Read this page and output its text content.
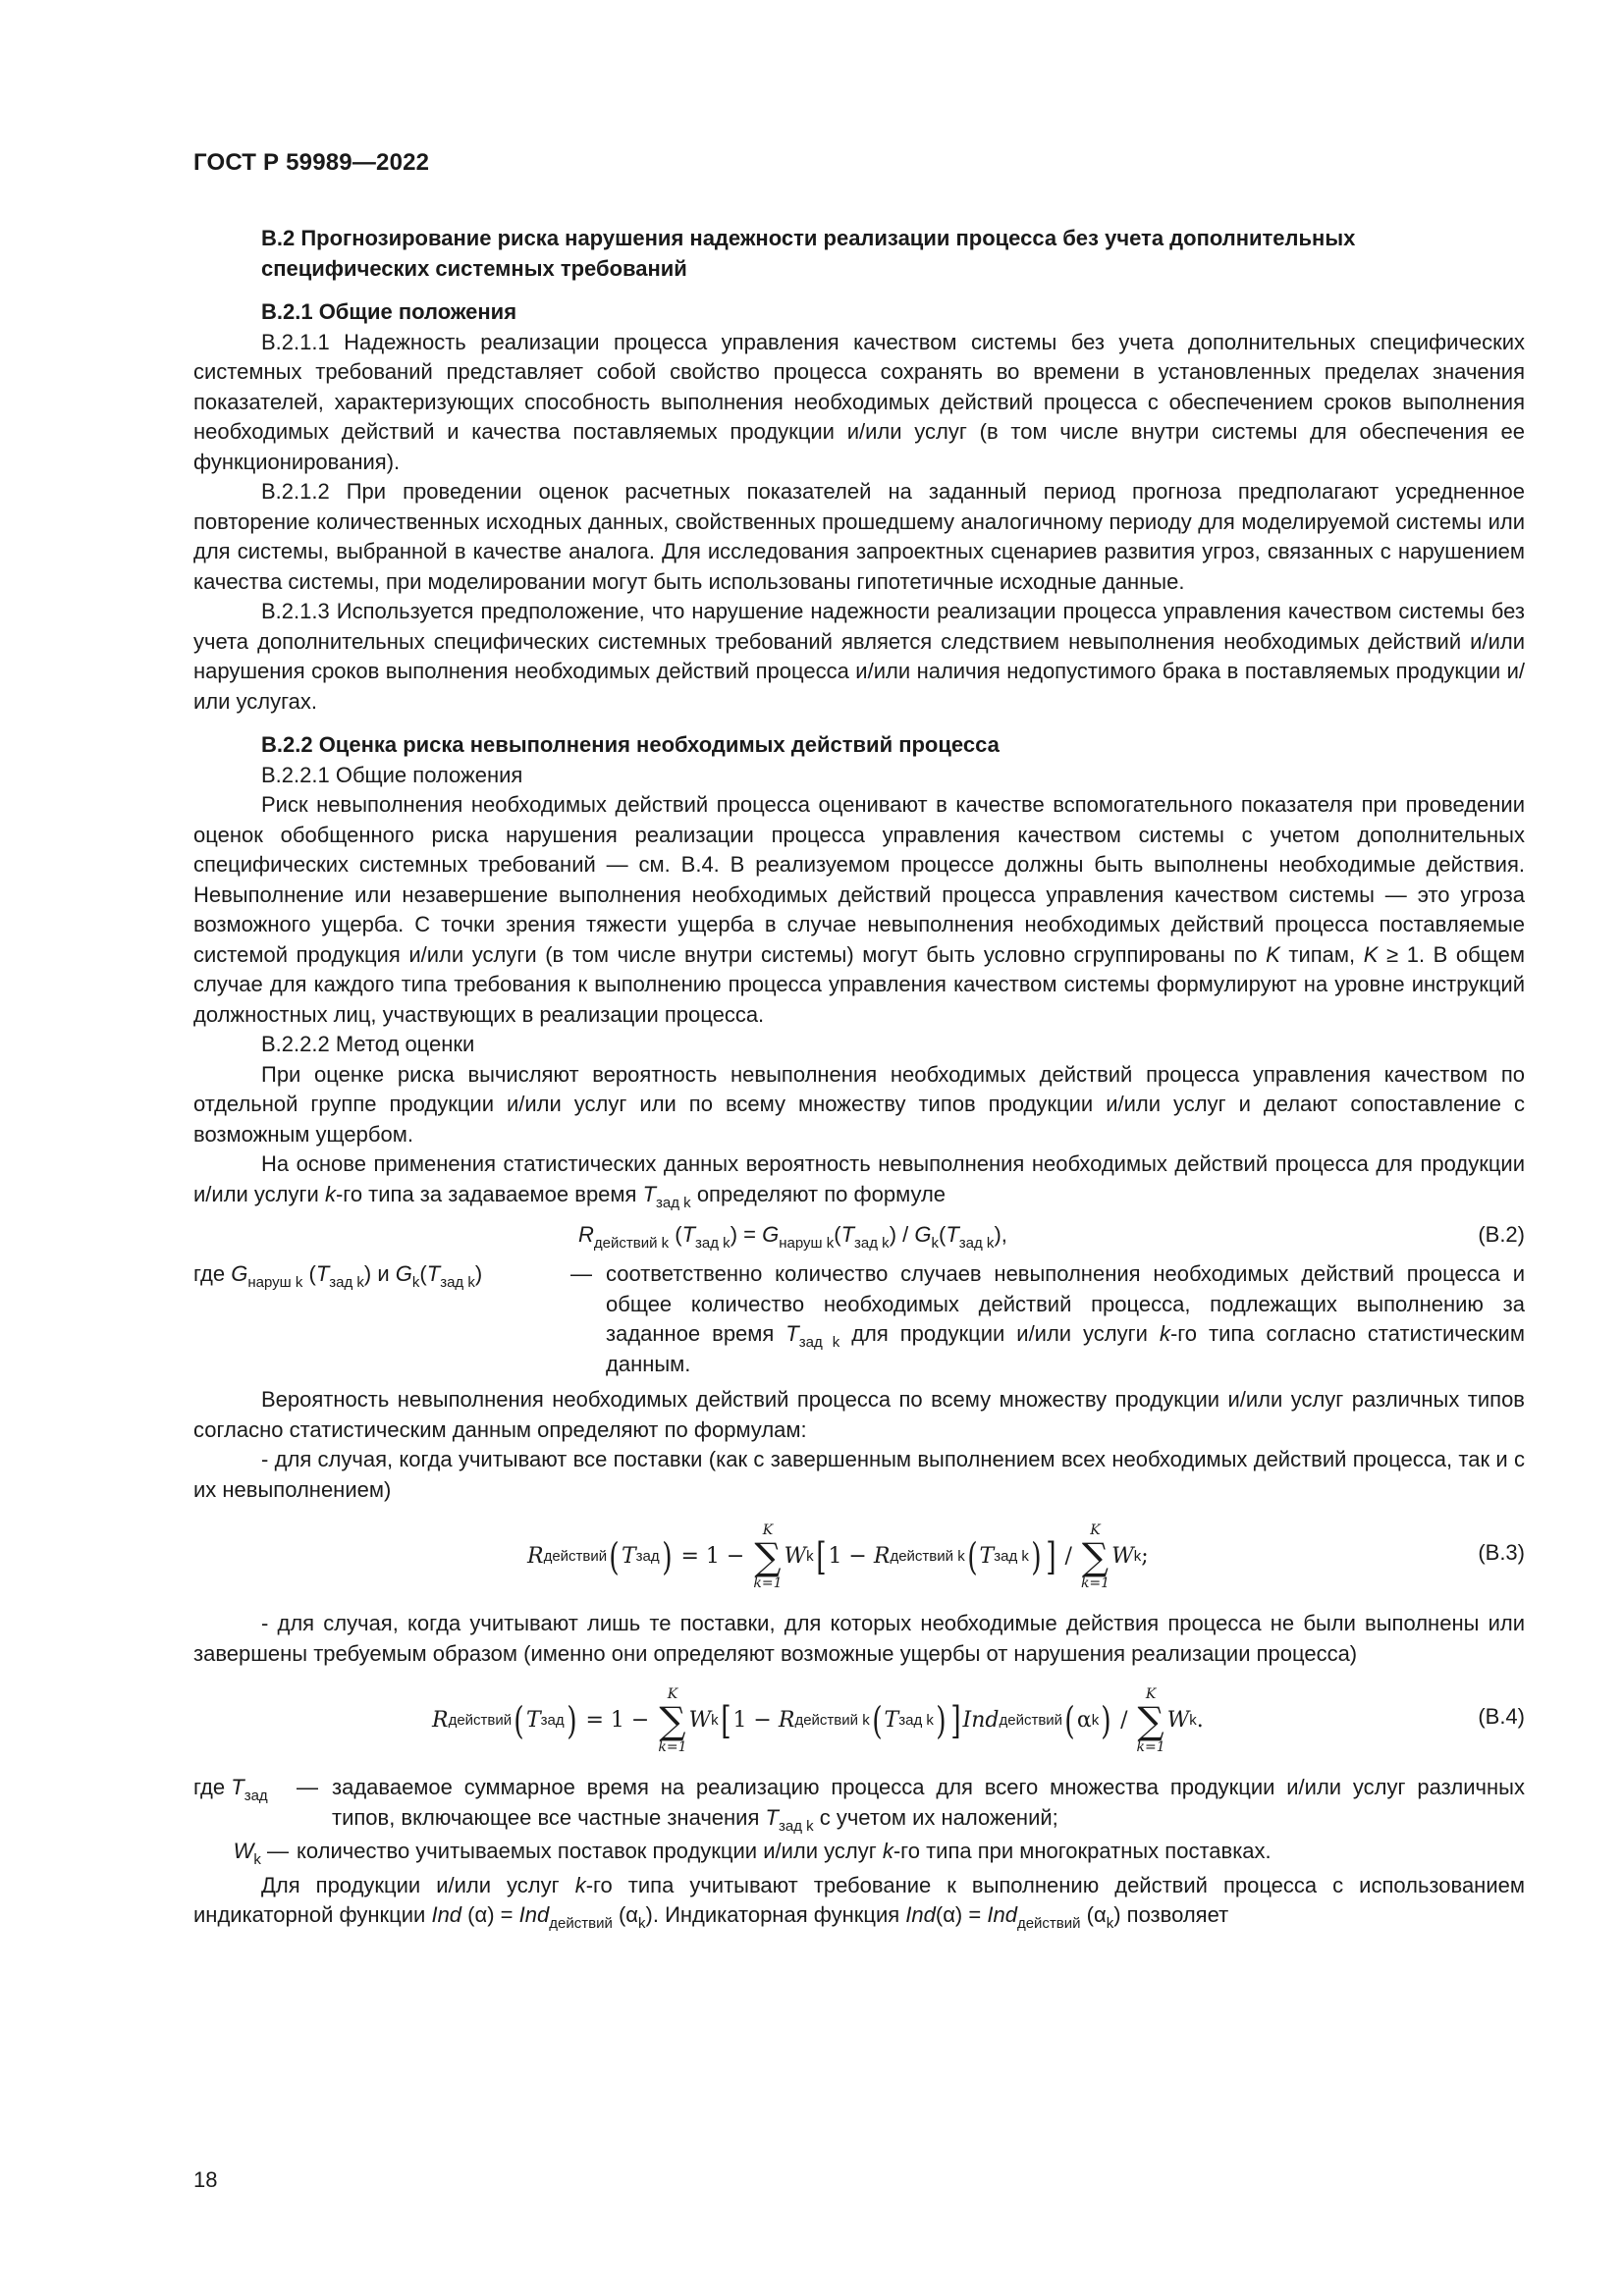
ГОСТ Р 59989—2022

В.2 Прогнозирование риска нарушения надежности реализации процесса без учета дополнительных специфических системных требований

В.2.1 Общие положения

В.2.1.1 Надежность реализации процесса управления качеством системы без учета дополнительных специфических системных требований представляет собой свойство процесса сохранять во времени в установленных пределах значения показателей, характеризующих способность выполнения необходимых действий процесса с обеспечением сроков выполнения необходимых действий и качества поставляемых продукции и/или услуг (в том числе внутри системы для обеспечения ее функционирования).

В.2.1.2 При проведении оценок расчетных показателей на заданный период прогноза предполагают усредненное повторение количественных исходных данных, свойственных прошедшему аналогичному периоду для моделируемой системы или для системы, выбранной в качестве аналога. Для исследования запроектных сценариев развития угроз, связанных с нарушением качества системы, при моделировании могут быть использованы гипотетичные исходные данные.

В.2.1.3 Используется предположение, что нарушение надежности реализации процесса управления качеством системы без учета дополнительных специфических системных требований является следствием невыполнения необходимых действий и/или нарушения сроков выполнения необходимых действий процесса и/или наличия недопустимого брака в поставляемых продукции и/или услугах.

В.2.2 Оценка риска невыполнения необходимых действий процесса

В.2.2.1 Общие положения

Риск невыполнения необходимых действий процесса оценивают в качестве вспомогательного показателя при проведении оценок обобщенного риска нарушения реализации процесса управления качеством системы с учетом дополнительных специфических системных требований — см. В.4. В реализуемом процессе должны быть выполнены необходимые действия. Невыполнение или незавершение выполнения необходимых действий процесса управления качеством системы — это угроза возможного ущерба. С точки зрения тяжести ущерба в случае невыполнения необходимых действий процесса поставляемые системой продукция и/или услуги (в том числе внутри системы) могут быть условно сгруппированы по K типам, K ≥ 1. В общем случае для каждого типа требования к выполнению процесса управления качеством системы формулируют на уровне инструкций должностных лиц, участвующих в реализации процесса.

В.2.2.2 Метод оценки

При оценке риска вычисляют вероятность невыполнения необходимых действий процесса управления качеством по отдельной группе продукции и/или услуг или по всему множеству типов продукции и/или услуг и делают сопоставление с возможным ущербом.

На основе применения статистических данных вероятность невыполнения необходимых действий процесса для продукции и/или услуги k-го типа за задаваемое время $T_{зад k}$ определяют по формуле

$R_{действий k}$ $(T_{зад k}) = G_{наруш k}(T_{зад k}) / G_k(T_{зад k})$,	(В.2)
где $G_{наруш k}$ $(T_{зад k})$ и $G_k(T_{зад k})$	— соответственно количество случаев невыполнения необходимых действий процесса и общее количество необходимых действий процесса, подлежащих выполнению за заданное время $T_{зад k}$ для продукции и/или услуги k-го типа согласно статистическим данным.

Вероятность невыполнения необходимых действий процесса по всему множеству продукции и/или услуг различных типов согласно статистическим данным определяют по формулам:

- для случая, когда учитывают все поставки (как с завершенным выполнением всех необходимых действий процесса, так и с их невыполнением)

R действий ( T зад )
=
1 −

K
∑
k=1
W k [ 1 −
R действий k ( T зад k ) ]
/

K
∑
k=1
W k ;	(В.3)

- для случая, когда учитывают лишь те поставки, для которых необходимые действия процесса не были выполнены или завершены требуемым образом (именно они определяют возможные ущербы от нарушения реализации процесса)

R действий ( T зад )
=
1 −

K
∑
k=1
W k [ 1 −
R действий k ( T зад k ) ] Ind действий ( α k )
/

K
∑
k=1
W k .	(В.4)
где $T_{зад}$	— задаваемое суммарное время на реализацию процесса для всего множества продукции и/или услуг различных типов, включающее все частные значения $T_{зад k}$ с учетом их наложений;
$W_k$ — количество учитываемых поставок продукции и/или услуг k-го типа при многократных поставках.

Для продукции и/или услуг k-го типа учитывают требование к выполнению действий процесса с использованием индикаторной функции Ind (α) = Ind$_{действий}$ $(\alpha_k)$. Индикаторная функция Ind(α) = Ind$_{действий}$ $(\alpha_k)$ позволяет

18
